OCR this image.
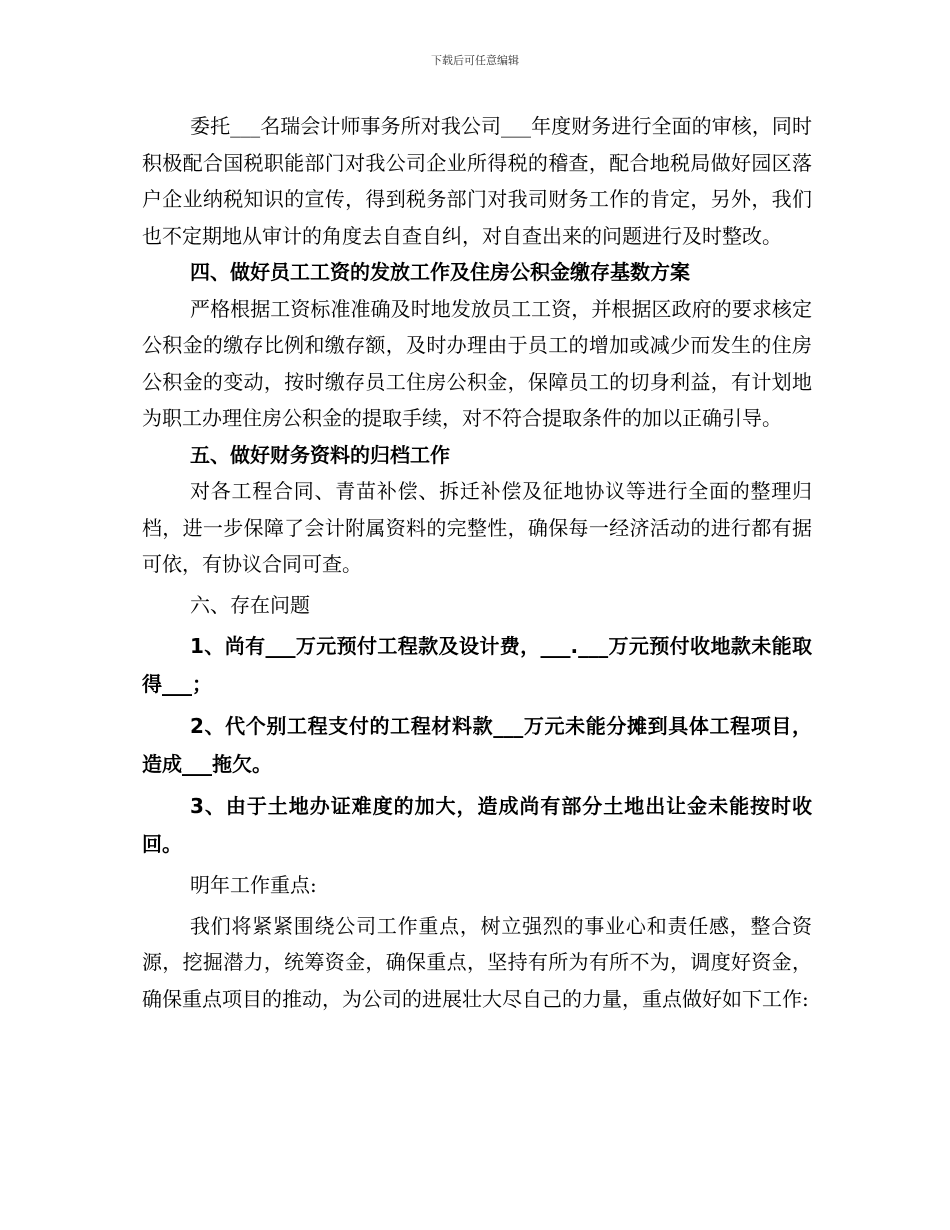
下载后可任意编辑

委托___名瑞会计师事务所对我公司___年度财务进行全面的审核，同时积极配合国税职能部门对我公司企业所得税的稽查，配合地税局做好园区落户企业纳税知识的宣传，得到税务部门对我司财务工作的肯定，另外，我们也不定期地从审计的角度去自查自纠，对自查出来的问题进行及时整改。

四、做好员工工资的发放工作及住房公积金缴存基数方案

严格根据工资标准准确及时地发放员工工资，并根据区政府的要求核定公积金的缴存比例和缴存额，及时办理由于员工的增加或减少而发生的住房公积金的变动，按时缴存员工住房公积金，保障员工的切身利益，有计划地为职工办理住房公积金的提取手续，对不符合提取条件的加以正确引导。

五、做好财务资料的归档工作

对各工程合同、青苗补偿、拆迁补偿及征地协议等进行全面的整理归档，进一步保障了会计附属资料的完整性，确保每一经济活动的进行都有据可依，有协议合同可查。

六、存在问题

1、尚有___万元预付工程款及设计费，___.___万元预付收地款未能取得___；

2、代个别工程支付的工程材料款___万元未能分摊到具体工程项目，造成___拖欠。

3、由于土地办证难度的加大，造成尚有部分土地出让金未能按时收回。

明年工作重点:

我们将紧紧围绕公司工作重点，树立强烈的事业心和责任感，整合资源，挖掘潜力，统筹资金，确保重点，坚持有所为有所不为，调度好资金，确保重点项目的推动，为公司的进展壮大尽自己的力量，重点做好如下工作:
